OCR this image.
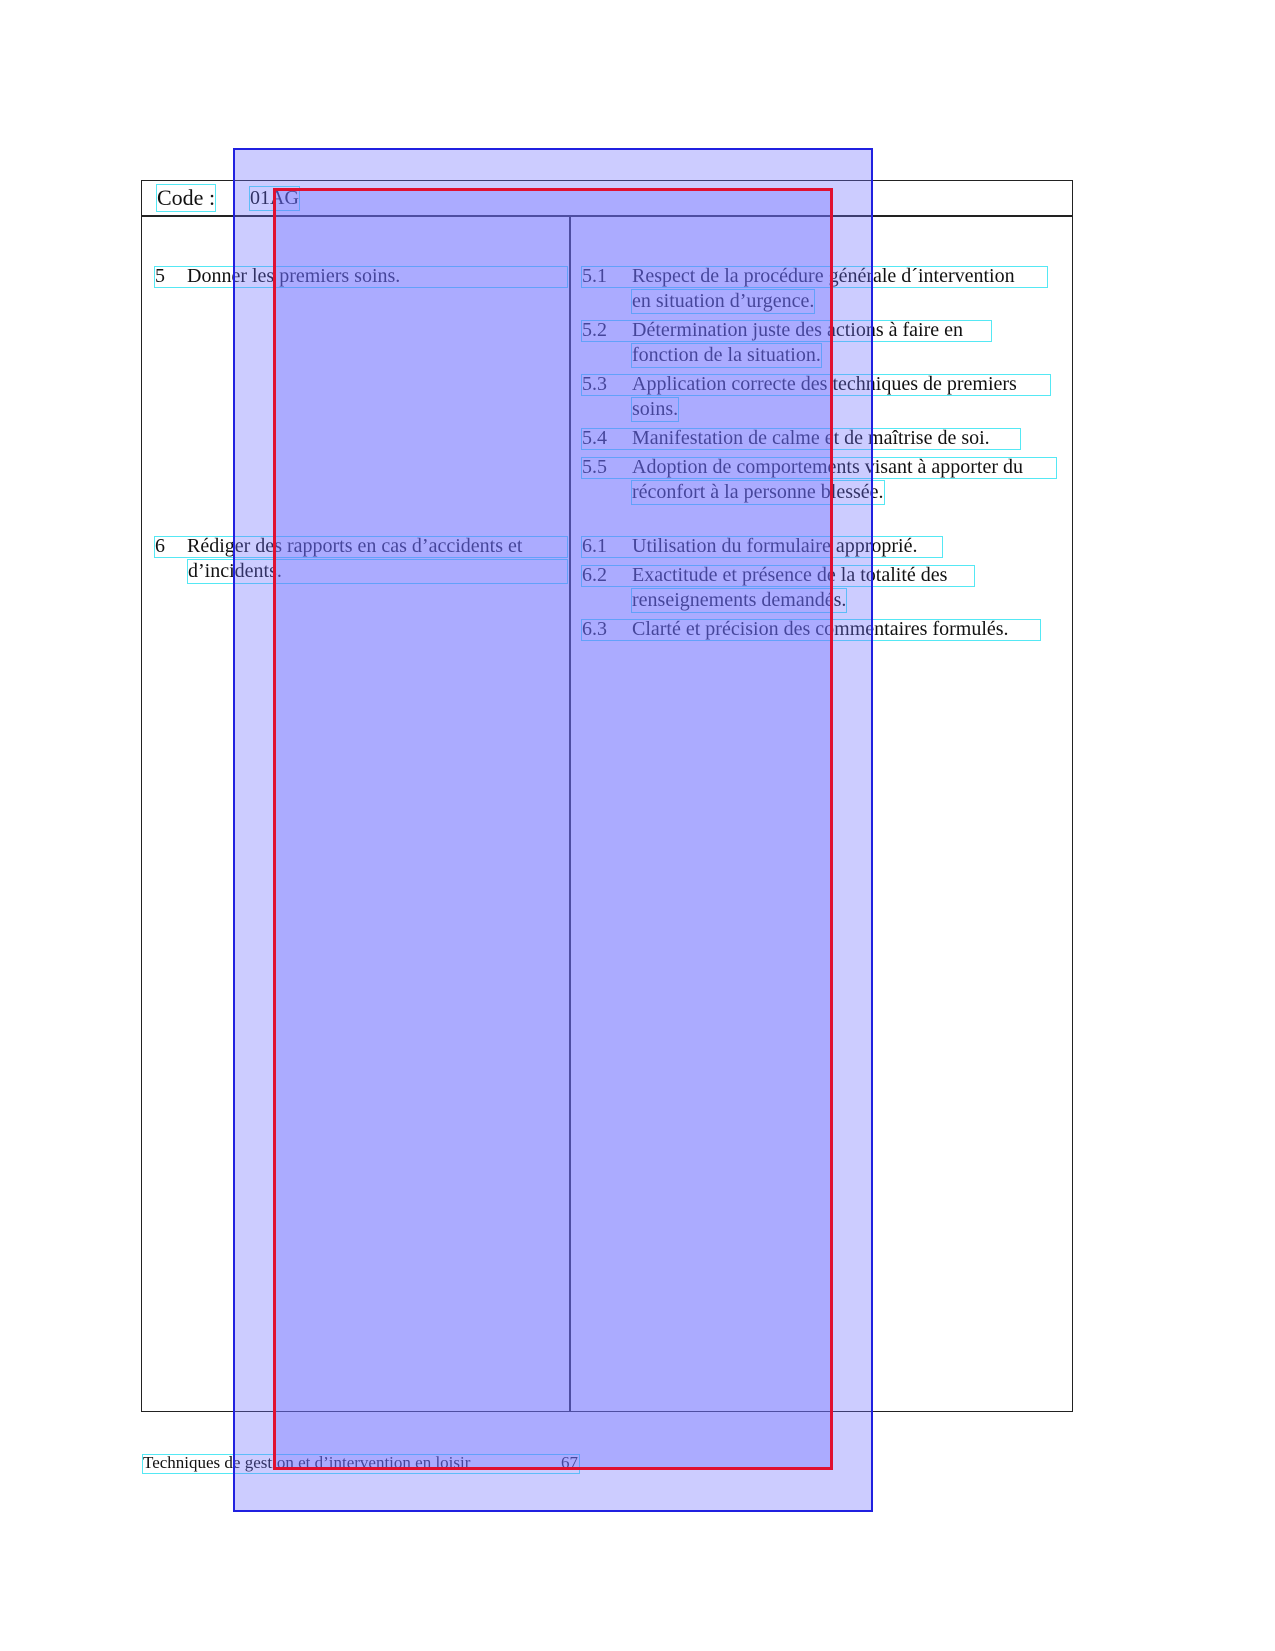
Code : 01AG
5 Donner les premiers soins.	5.1 Respect de la procédure générale d´intervention
en situation d’urgence.
5.2 Détermination juste des actions à faire en
fonction de la situation.
5.3 Application correcte des techniques de premiers
soins.
5.4 Manifestation de calme et de maîtrise de soi.
5.5 Adoption de comportements visant à apporter du
réconfort à la personne blessée.
6 Rédiger des rapports en cas d’accidents et
d’incidents.
6.1 Utilisation du formulaire approprié.
6.2 Exactitude et présence de la totalité des
renseignements demandés.
6.3 Clarté et précision des commentaires formulés.
Techniques de gestion et d’intervention en loisir	67
